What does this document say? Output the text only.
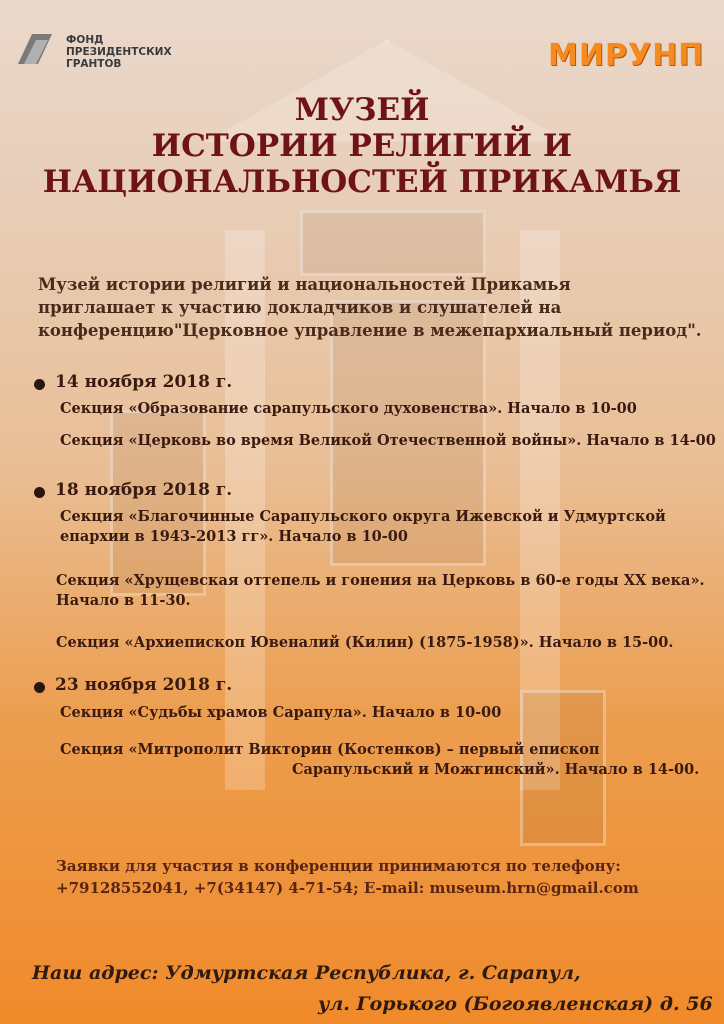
ФОНД
ПРЕЗИДЕНТСКИХ
ГРАНТОВ	МИРУНП
МУЗЕЙ
ИСТОРИИ РЕЛИГИЙ И
НАЦИОНАЛЬНОСТЕЙ ПРИКАМЬЯ
Музей истории религий и национальностей Прикамья
приглашает к участию докладчиков и слушателей на
конференцию"Церковное управление в межепархиальный период".
14 ноября 2018 г.
Секция «Образование сарапульского духовенства». Начало в 10-00
Секция «Церковь во время Великой Отечественной войны». Начало в 14-00
18 ноября 2018 г.
Секция «Благочинные Сарапульского округа Ижевской и Удмуртской
епархии в 1943-2013 гг». Начало в 10-00
Секция «Хрущевская оттепель и гонения на Церковь в 60-е годы XX века».
Начало в 11-30.
Секция «Архиепископ Ювеналий (Килин) (1875-1958)». Начало в 15-00.
23 ноября 2018 г.
Секция «Судьбы храмов Сарапула». Начало в 10-00
Секция «Митрополит Викторин (Костенков) – первый епископ
Сарапульский и Можгинский». Начало в 14-00.
Заявки для участия в конференции принимаются по телефону:
+79128552041, +7(34147) 4-71-54; E-mail: museum.hrn@gmail.com
Наш адрес: Удмуртская Республика, г. Сарапул,
ул. Горького (Богоявленская) д. 56
